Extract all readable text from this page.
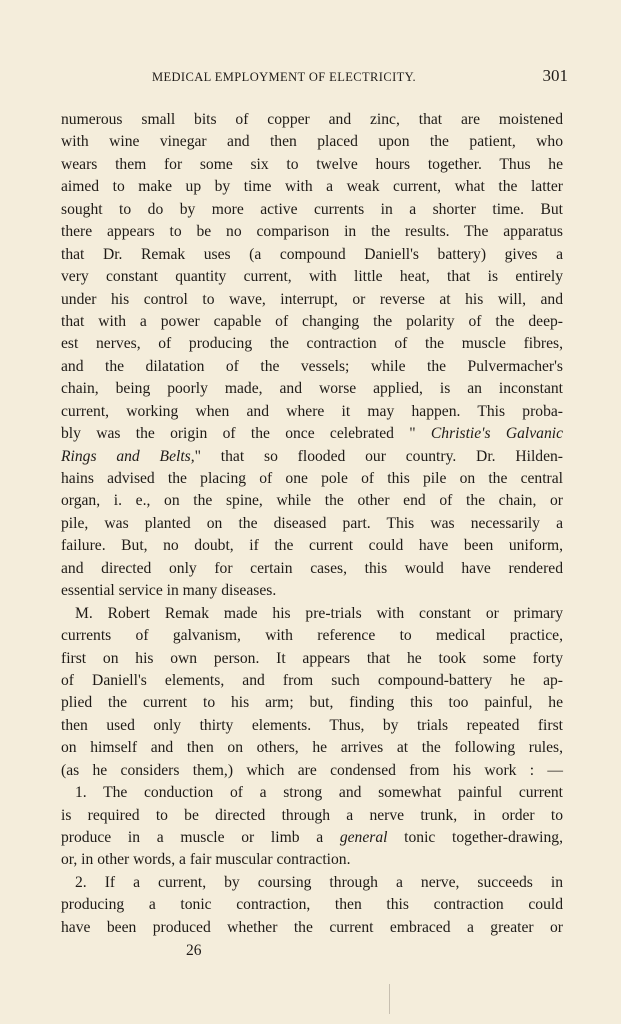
MEDICAL EMPLOYMENT OF ELECTRICITY.	301
numerous small bits of copper and zinc, that are moistened
with wine vinegar and then placed upon the patient, who
wears them for some six to twelve hours together. Thus he
aimed to make up by time with a weak current, what the latter
sought to do by more active currents in a shorter time. But
there appears to be no comparison in the results. The apparatus
that Dr. Remak uses (a compound Daniell's battery) gives a
very constant quantity current, with little heat, that is entirely
under his control to wave, interrupt, or reverse at his will, and
that with a power capable of changing the polarity of the deep-
est nerves, of producing the contraction of the muscle fibres,
and the dilatation of the vessels; while the Pulvermacher's
chain, being poorly made, and worse applied, is an inconstant
current, working when and where it may happen. This proba-
bly was the origin of the once celebrated " Christie's Galvanic
Rings and Belts," that so flooded our country. Dr. Hilden-
hains advised the placing of one pole of this pile on the central
organ, i. e., on the spine, while the other end of the chain, or
pile, was planted on the diseased part. This was necessarily a
failure. But, no doubt, if the current could have been uniform,
and directed only for certain cases, this would have rendered
essential service in many diseases.
M. Robert Remak made his pre-trials with constant or primary
currents of galvanism, with reference to medical practice,
first on his own person. It appears that he took some forty
of Daniell's elements, and from such compound-battery he ap-
plied the current to his arm; but, finding this too painful, he
then used only thirty elements. Thus, by trials repeated first
on himself and then on others, he arrives at the following rules,
(as he considers them,) which are condensed from his work : —
1. The conduction of a strong and somewhat painful current
is required to be directed through a nerve trunk, in order to
produce in a muscle or limb a general tonic together-drawing,
or, in other words, a fair muscular contraction.
2. If a current, by coursing through a nerve, succeeds in
producing a tonic contraction, then this contraction could
have been produced whether the current embraced a greater or
26
